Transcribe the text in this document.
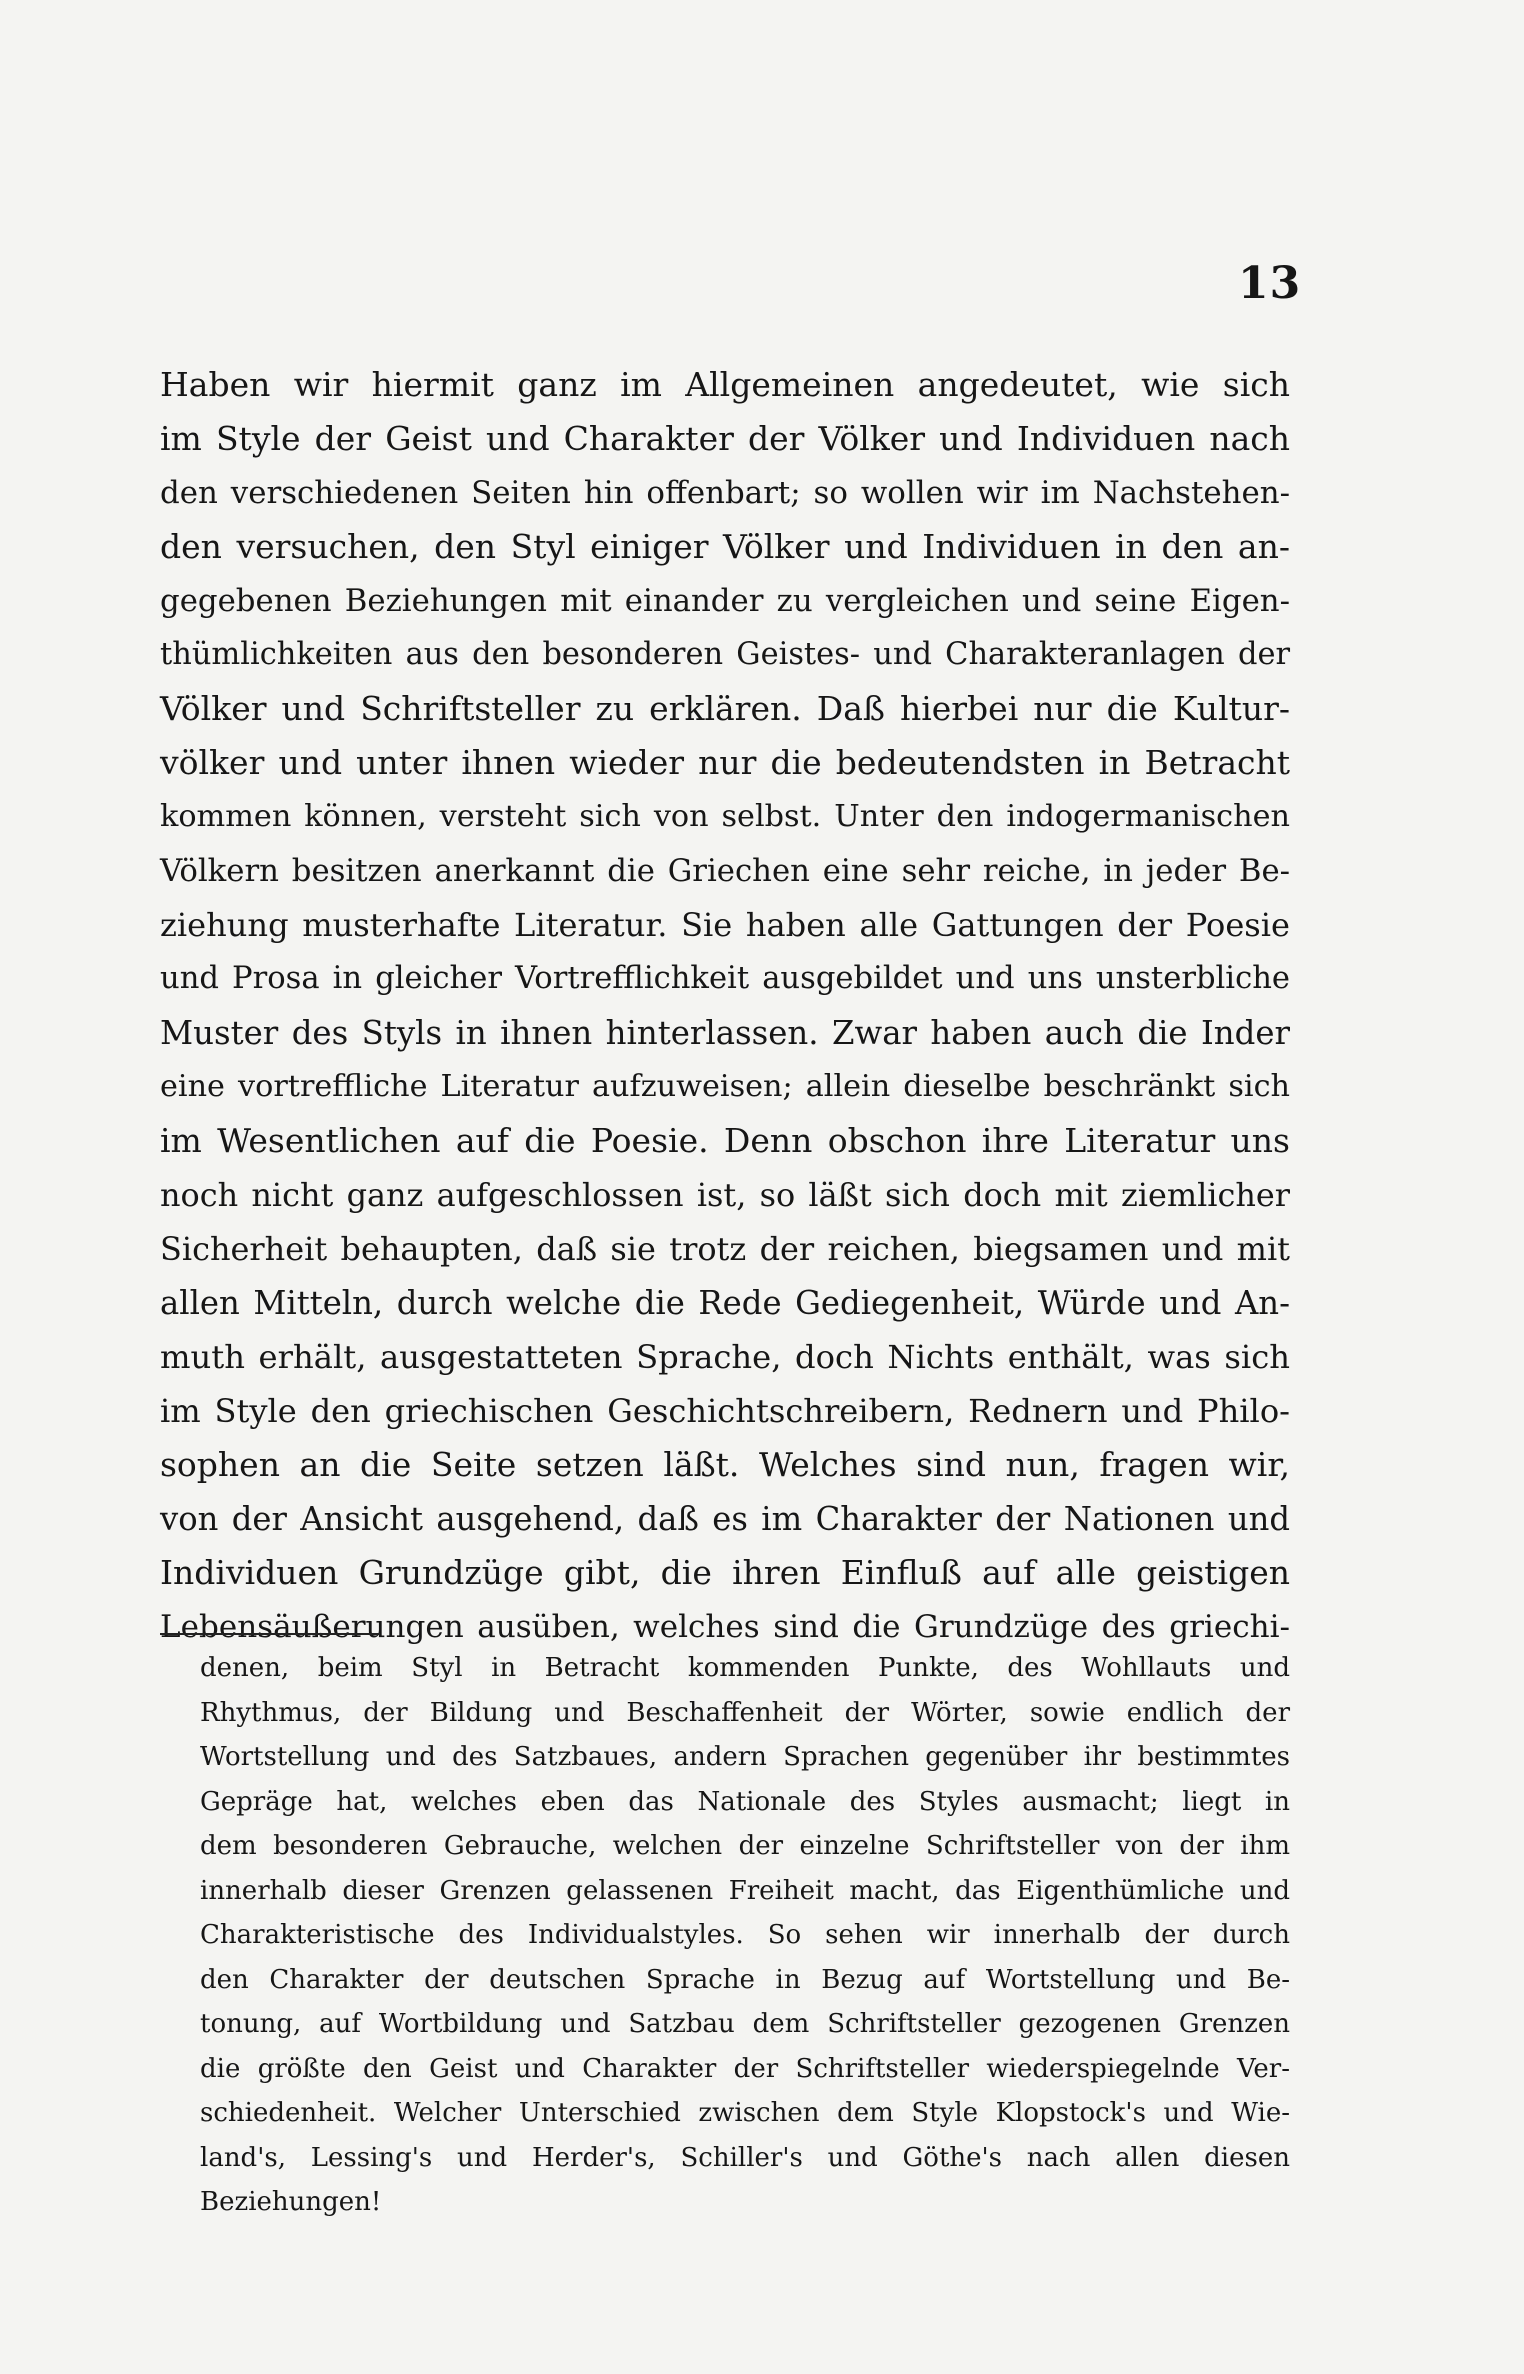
13
Haben wir hiermit ganz im Allgemeinen angedeutet, wie sich
im Style der Geist und Charakter der Völker und Individuen nach
den verschiedenen Seiten hin offenbart; so wollen wir im Nachstehen-
den versuchen, den Styl einiger Völker und Individuen in den an-
gegebenen Beziehungen mit einander zu vergleichen und seine Eigen-
thümlichkeiten aus den besonderen Geistes- und Charakteranlagen der
Völker und Schriftsteller zu erklären. Daß hierbei nur die Kultur-
völker und unter ihnen wieder nur die bedeutendsten in Betracht
kommen können, versteht sich von selbst. Unter den indogermanischen
Völkern besitzen anerkannt die Griechen eine sehr reiche, in jeder Be-
ziehung musterhafte Literatur. Sie haben alle Gattungen der Poesie
und Prosa in gleicher Vortrefflichkeit ausgebildet und uns unsterbliche
Muster des Styls in ihnen hinterlassen. Zwar haben auch die Inder
eine vortreffliche Literatur aufzuweisen; allein dieselbe beschränkt sich
im Wesentlichen auf die Poesie. Denn obschon ihre Literatur uns
noch nicht ganz aufgeschlossen ist, so läßt sich doch mit ziemlicher
Sicherheit behaupten, daß sie trotz der reichen, biegsamen und mit
allen Mitteln, durch welche die Rede Gediegenheit, Würde und An-
muth erhält, ausgestatteten Sprache, doch Nichts enthält, was sich
im Style den griechischen Geschichtschreibern, Rednern und Philo-
sophen an die Seite setzen läßt. Welches sind nun, fragen wir,
von der Ansicht ausgehend, daß es im Charakter der Nationen und
Individuen Grundzüge gibt, die ihren Einfluß auf alle geistigen
Lebensäußerungen ausüben, welches sind die Grundzüge des griechi-
denen, beim Styl in Betracht kommenden Punkte, des Wohllauts und
Rhythmus, der Bildung und Beschaffenheit der Wörter, sowie endlich der
Wortstellung und des Satzbaues, andern Sprachen gegenüber ihr bestimmtes
Gepräge hat, welches eben das Nationale des Styles ausmacht; liegt in
dem besonderen Gebrauche, welchen der einzelne Schriftsteller von der ihm
innerhalb dieser Grenzen gelassenen Freiheit macht, das Eigenthümliche und
Charakteristische des Individualstyles. So sehen wir innerhalb der durch
den Charakter der deutschen Sprache in Bezug auf Wortstellung und Be-
tonung, auf Wortbildung und Satzbau dem Schriftsteller gezogenen Grenzen
die größte den Geist und Charakter der Schriftsteller wiederspiegelnde Ver-
schiedenheit. Welcher Unterschied zwischen dem Style Klopstock's und Wie-
land's, Lessing's und Herder's, Schiller's und Göthe's nach allen diesen
Beziehungen!
